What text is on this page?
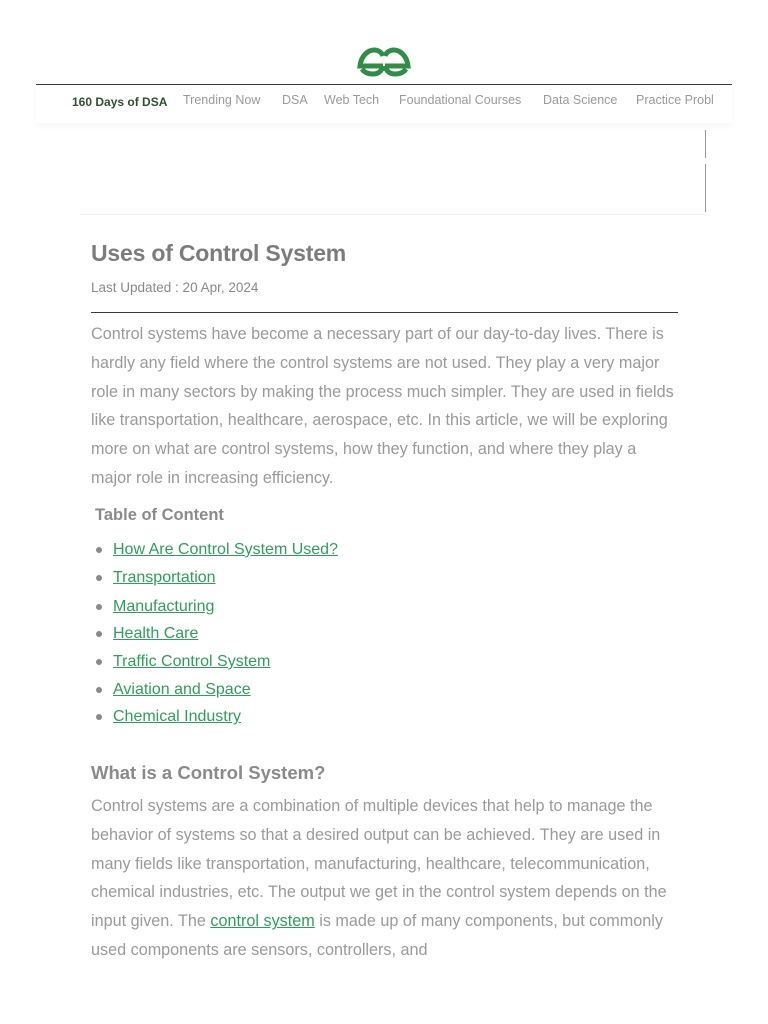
160 Days of DSA Trending Now DSA Web Tech Foundational Courses Data Science Practice Probl
Uses of Control System
Last Updated : 20 Apr, 2024

Control systems have become a necessary part of our day-to-day lives. There is hardly any field where the control systems are not used. They play a very major role in many sectors by making the process much simpler. They are used in fields like transportation, healthcare, aerospace, etc. In this article, we will be exploring more on what are control systems, how they function, and where they play a major role in increasing efficiency.

Table of Content
How Are Control System Used?
Transportation
Manufacturing
Health Care
Traffic Control System
Aviation and Space
Chemical Industry
What is a Control System?

Control systems are a combination of multiple devices that help to manage the behavior of systems so that a desired output can be achieved. They are used in many fields like transportation, manufacturing, healthcare, telecommunication, chemical industries, etc. The output we get in the control system depends on the input given. The control system is made up of many components, but commonly used components are sensors, controllers, and
